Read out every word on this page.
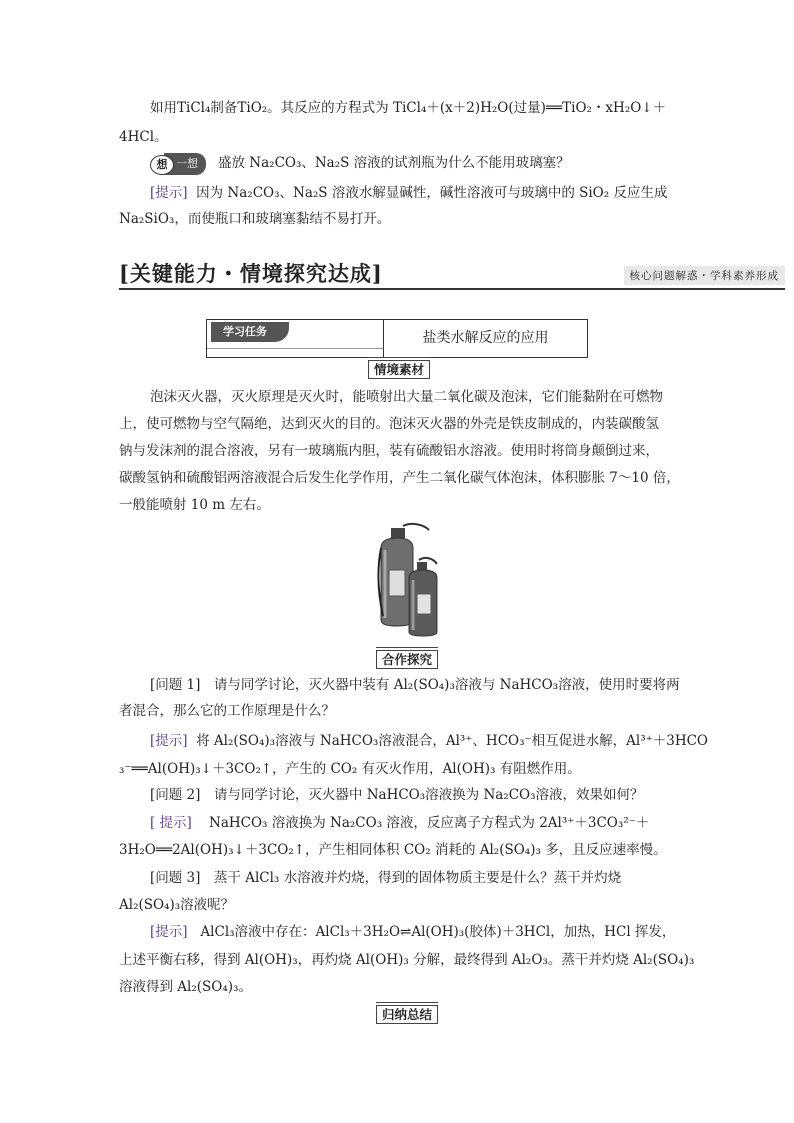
如用TiCl₄制备TiO₂。其反应的方程式为 TiCl₄＋(x＋2)H₂O(过量)══TiO₂・xH₂O↓＋
4HCl。
想 一想 盛放 Na₂CO₃、Na₂S 溶液的试剂瓶为什么不能用玻璃塞？
[提示] 因为 Na₂CO₃、Na₂S 溶液水解显碱性，碱性溶液可与玻璃中的 SiO₂ 反应生成
Na₂SiO₃，而使瓶口和玻璃塞黏结不易打开。
[关键能力・情境探究达成]	核心问题解惑・学科素养形成
学习任务	盐类水解反应的应用
情境素材
泡沫灭火器，灭火原理是灭火时，能喷射出大量二氧化碳及泡沫，它们能黏附在可燃物
上，使可燃物与空气隔绝，达到灭火的目的。泡沫灭火器的外壳是铁皮制成的，内装碳酸氢
钠与发沫剂的混合溶液，另有一玻璃瓶内胆，装有硫酸铝水溶液。使用时将筒身颠倒过来，
碳酸氢钠和硫酸铝两溶液混合后发生化学作用，产生二氧化碳气体泡沫，体积膨胀 7～10 倍，
一般能喷射 10 m 左右。
合作探究
[问题 1]　请与同学讨论，灭火器中装有 Al₂(SO₄)₃溶液与 NaHCO₃溶液，使用时要将两
者混合，那么它的工作原理是什么？
[提示] 将 Al₂(SO₄)₃溶液与 NaHCO₃溶液混合，Al³⁺、HCO₃⁻相互促进水解，Al³⁺＋3HCO
₃⁻══Al(OH)₃↓＋3CO₂↑，产生的 CO₂ 有灭火作用，Al(OH)₃ 有阻燃作用。
[问题 2]　请与同学讨论，灭火器中 NaHCO₃溶液换为 Na₂CO₃溶液，效果如何？
[ 提示] NaHCO₃ 溶液换为 Na₂CO₃ 溶液，反应离子方程式为 2Al³⁺＋3CO₃²⁻＋
3H₂O══2Al(OH)₃↓＋3CO₂↑，产生相同体积 CO₂ 消耗的 Al₂(SO₄)₃ 多，且反应速率慢。
[问题 3]　蒸干 AlCl₃ 水溶液并灼烧，得到的固体物质主要是什么？蒸干并灼烧
Al₂(SO₄)₃溶液呢？
[提示] AlCl₃溶液中存在：AlCl₃＋3H₂O⇌Al(OH)₃(胶体)＋3HCl，加热，HCl 挥发，
上述平衡右移，得到 Al(OH)₃，再灼烧 Al(OH)₃ 分解，最终得到 Al₂O₃。蒸干并灼烧 Al₂(SO₄)₃
溶液得到 Al₂(SO₄)₃。
归纳总结
